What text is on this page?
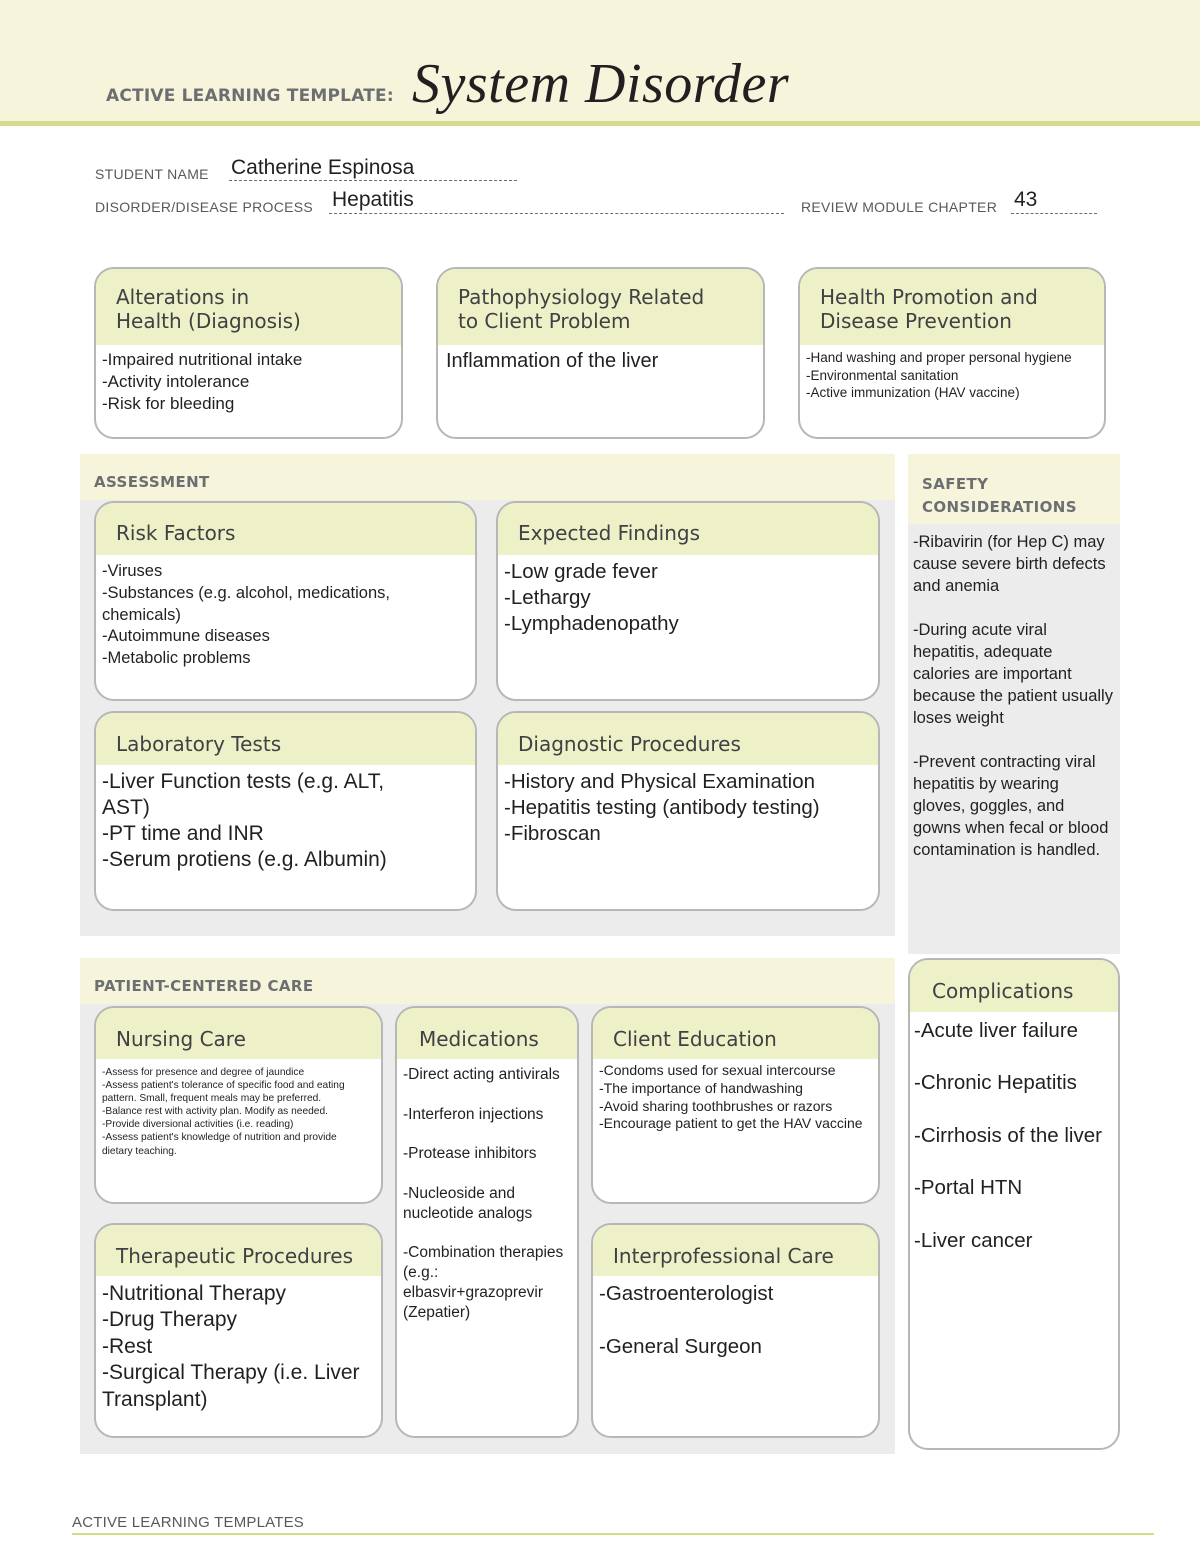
ACTIVE LEARNING TEMPLATE: System Disorder
STUDENT NAME Catherine Espinosa
DISORDER/DISEASE PROCESS Hepatitis	REVIEW MODULE CHAPTER 43
Alterations in
Health (Diagnosis)
-Impaired nutritional intake
-Activity intolerance
-Risk for bleeding
Pathophysiology Related
to Client Problem
Inflammation of the liver
Health Promotion and
Disease Prevention
-Hand washing and proper personal hygiene
-Environmental sanitation
-Active immunization (HAV vaccine)
ASSESSMENT
Risk Factors
-Viruses
-Substances (e.g. alcohol, medications, chemicals)
-Autoimmune diseases
-Metabolic problems
Expected Findings
-Low grade fever
-Lethargy
-Lymphadenopathy
Laboratory Tests
-Liver Function tests (e.g. ALT, AST)
-PT time and INR
-Serum protiens (e.g. Albumin)
Diagnostic Procedures
-History and Physical Examination
-Hepatitis testing (antibody testing)
-Fibroscan
SAFETY
CONSIDERATIONS
-Ribavirin (for Hep C) may cause severe birth defects and anemia

-During acute viral hepatitis, adequate calories are important because the patient usually loses weight

-Prevent contracting viral hepatitis by wearing gloves, goggles, and gowns when fecal or blood contamination is handled.
Complications
-Acute liver failure

-Chronic Hepatitis

-Cirrhosis of the liver

-Portal HTN

-Liver cancer
PATIENT-CENTERED CARE
Nursing Care
-Assess for presence and degree of jaundice
-Assess patient's tolerance of specific food and eating pattern. Small, frequent meals may be preferred.
-Balance rest with activity plan. Modify as needed.
-Provide diversional activities (i.e. reading)
-Assess patient's knowledge of nutrition and provide dietary teaching.
Medications
-Direct acting antivirals

-Interferon injections

-Protease inhibitors

-Nucleoside and nucleotide analogs

-Combination therapies (e.g.: elbasvir+grazoprevir (Zepatier)
Client Education
-Condoms used for sexual intercourse
-The importance of handwashing
-Avoid sharing toothbrushes or razors
-Encourage patient to get the HAV vaccine
Therapeutic Procedures
-Nutritional Therapy
-Drug Therapy
-Rest
-Surgical Therapy (i.e. Liver Transplant)
Interprofessional Care
-Gastroenterologist

-General Surgeon
ACTIVE LEARNING TEMPLATES
